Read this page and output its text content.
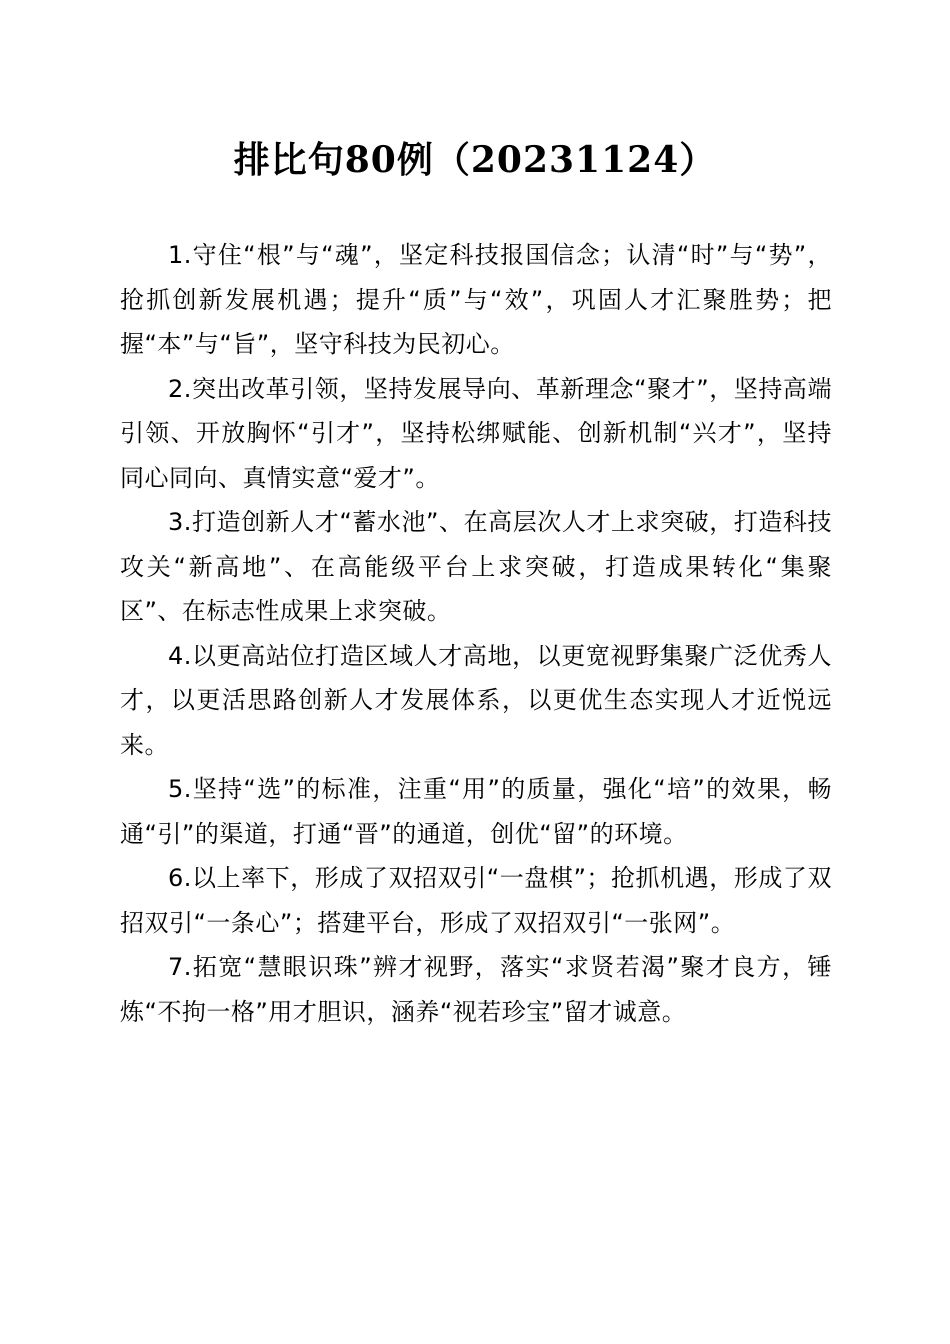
排比句80例（20231124）

1.守住“根”与“魂”，坚定科技报国信念；认清“时”与“势”，抢抓创新发展机遇；提升“质”与“效”，巩固人才汇聚胜势；把握“本”与“旨”，坚守科技为民初心。

2.突出改革引领，坚持发展导向、革新理念“聚才”，坚持高端引领、开放胸怀“引才”，坚持松绑赋能、创新机制“兴才”，坚持同心同向、真情实意“爱才”。

3.打造创新人才“蓄水池”、在高层次人才上求突破，打造科技攻关“新高地”、在高能级平台上求突破，打造成果转化“集聚区”、在标志性成果上求突破。

4.以更高站位打造区域人才高地，以更宽视野集聚广泛优秀人才，以更活思路创新人才发展体系，以更优生态实现人才近悦远来。

5.坚持“选”的标准，注重“用”的质量，强化“培”的效果，畅通“引”的渠道，打通“晋”的通道，创优“留”的环境。

6.以上率下，形成了双招双引“一盘棋”；抢抓机遇，形成了双招双引“一条心”；搭建平台，形成了双招双引“一张网”。

7.拓宽“慧眼识珠”辨才视野，落实“求贤若渴”聚才良方，锤炼“不拘一格”用才胆识，涵养“视若珍宝”留才诚意。
